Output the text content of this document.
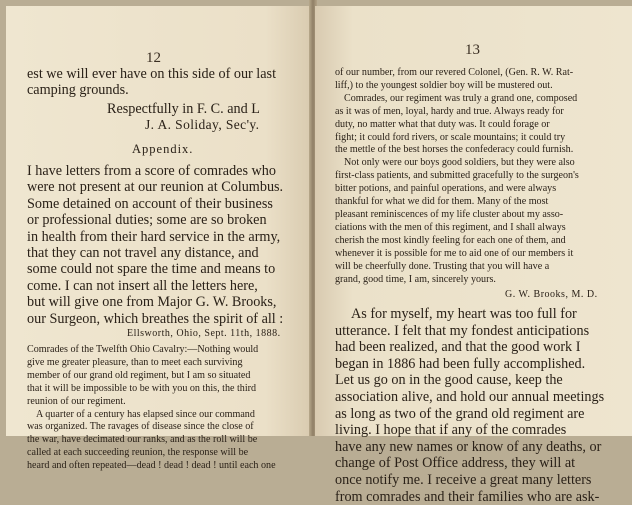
12
est we will ever have on this side of our last
camping grounds.
Respectfully in F. C. and L
J. A. Soliday, Sec'y.
Appendix.
I have letters from a score of comrades who
were not present at our reunion at Columbus.
Some detained on account of their business
or professional duties; some are so broken
in health from their hard service in the army,
that they can not travel any distance, and
some could not spare the time and means to
come. I can not insert all the letters here,
but will give one from Major G. W. Brooks,
our Surgeon, which breathes the spirit of all :
Ellsworth, Ohio, Sept. 11th, 1888.
Comrades of the Twelfth Ohio Cavalry:—Nothing would
give me greater pleasure, than to meet each surviving
member of our grand old regiment, but I am so situated
that it will be impossible to be with you on this, the third
reunion of our regiment.
A quarter of a century has elapsed since our command
was organized. The ravages of disease since the close of
the war, have decimated our ranks, and as the roll will be
called at each succeeding reunion, the response will be
heard and often repeated—dead ! dead ! dead ! until each one
13
of our number, from our revered Colonel, (Gen. R. W. Rat-
liff,) to the youngest soldier boy will be mustered out.
Comrades, our regiment was truly a grand one, composed
as it was of men, loyal, hardy and true. Always ready for
duty, no matter what that duty was. It could forage or
fight; it could ford rivers, or scale mountains; it could try
the mettle of the best horses the confederacy could furnish.
Not only were our boys good soldiers, but they were also
first-class patients, and submitted gracefully to the surgeon's
bitter potions, and painful operations, and were always
thankful for what we did for them. Many of the most
pleasant reminiscences of my life cluster about my asso-
ciations with the men of this regiment, and I shall always
cherish the most kindly feeling for each one of them, and
whenever it is possible for me to aid one of our members it
will be cheerfully done. Trusting that you will have a
grand, good time, I am, sincerely yours.
G. W. Brooks, M. D.
As for myself, my heart was too full for
utterance. I felt that my fondest anticipations
had been realized, and that the good work I
began in 1886 had been fully accomplished.
Let us go on in the good cause, keep the
association alive, and hold our annual meetings
as long as two of the grand old regiment are
living. I hope that if any of the comrades
have any new names or know of any deaths, or
change of Post Office address, they will at
once notify me. I receive a great many letters
from comrades and their families who are ask-
